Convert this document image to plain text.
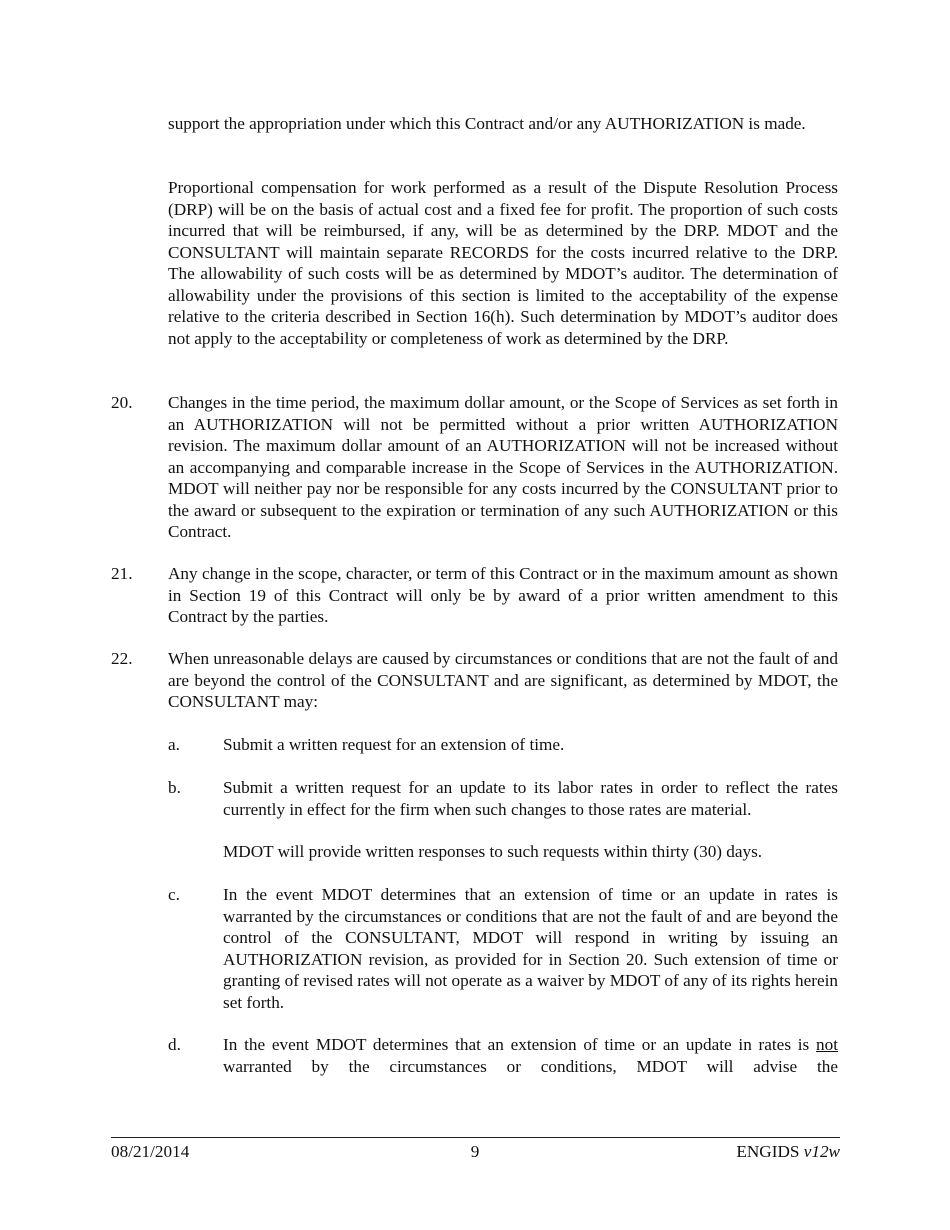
support the appropriation under which this Contract and/or any AUTHORIZATION is made.

Proportional compensation for work performed as a result of the Dispute Resolution Process (DRP) will be on the basis of actual cost and a fixed fee for profit. The proportion of such costs incurred that will be reimbursed, if any, will be as determined by the DRP. MDOT and the CONSULTANT will maintain separate RECORDS for the costs incurred relative to the DRP. The allowability of such costs will be as determined by MDOT’s auditor. The determination of allowability under the provisions of this section is limited to the acceptability of the expense relative to the criteria described in Section 16(h). Such determination by MDOT’s auditor does not apply to the acceptability or completeness of work as determined by the DRP.

20. Changes in the time period, the maximum dollar amount, or the Scope of Services as set forth in an AUTHORIZATION will not be permitted without a prior written AUTHORIZATION revision. The maximum dollar amount of an AUTHORIZATION will not be increased without an accompanying and comparable increase in the Scope of Services in the AUTHORIZATION. MDOT will neither pay nor be responsible for any costs incurred by the CONSULTANT prior to the award or subsequent to the expiration or termination of any such AUTHORIZATION or this Contract.

21. Any change in the scope, character, or term of this Contract or in the maximum amount as shown in Section 19 of this Contract will only be by award of a prior written amendment to this Contract by the parties.

22. When unreasonable delays are caused by circumstances or conditions that are not the fault of and are beyond the control of the CONSULTANT and are significant, as determined by MDOT, the CONSULTANT may:

a.	Submit a written request for an extension of time.

b. Submit a written request for an update to its labor rates in order to reflect the rates currently in effect for the firm when such changes to those rates are material.

MDOT will provide written responses to such requests within thirty (30) days.

c.	In the event MDOT determines that an extension of time or an update in rates is warranted by the circumstances or conditions that are not the fault of and are beyond the control of the CONSULTANT, MDOT will respond in writing by issuing an AUTHORIZATION revision, as provided for in Section 20. Such extension of time or granting of revised rates will not operate as a waiver by MDOT of any of its rights herein set forth.

d. In the event MDOT determines that an extension of time or an update in rates is not warranted by the circumstances or conditions, MDOT will advise the

08/21/2014	9	ENGIDS v12w
